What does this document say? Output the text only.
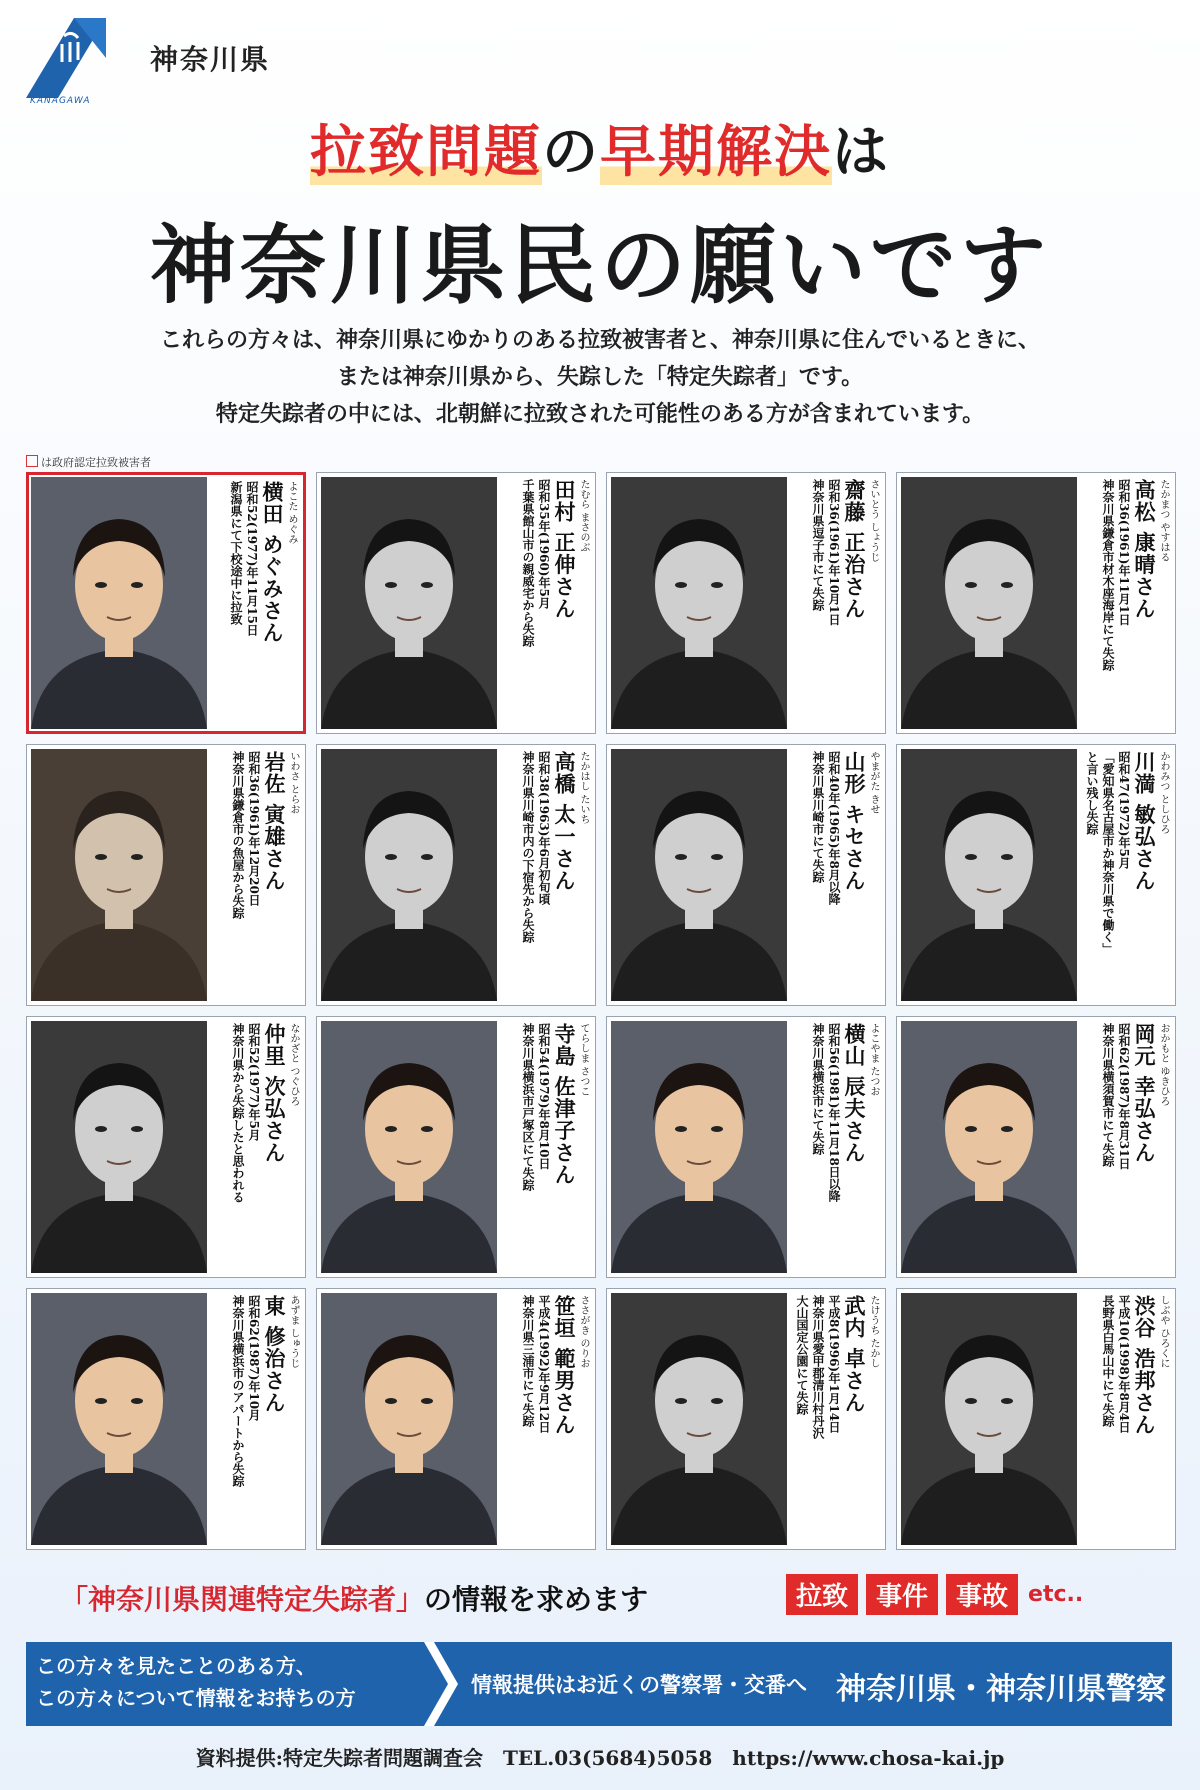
KANAGAWA
神奈川県
拉致問題の早期解決は
神奈川県民の願いです
これらの方々は、神奈川県にゆかりのある拉致被害者と、神奈川県に住んでいるときに、
または神奈川県から、失踪した「特定失踪者」です。
特定失踪者の中には、北朝鮮に拉致された可能性のある方が含まれています。
は政府認定拉致被害者
よこた めぐみ
横田 めぐみさん
昭和52(1977)年11月15日
新潟県にて下校途中に拉致	たむら まさのぶ
田村 正伸さん
昭和35年(1960)年5月
千葉県館山市の親威宅から失踪	さいとう しょうじ
齋藤 正治さん
昭和36(1961)年10月1日
神奈川県逗子市にて失踪	たかまつ やすはる
高松 康晴さん
昭和36(1961)年11月1日
神奈川県鎌倉市材木座海岸にて失踪
いわさ とらお
岩佐 寅雄さん
昭和36(1961)年12月20日
神奈川県鎌倉市の魚屋から失踪	たかはし たいち
高橋 太一さん
昭和38(1963)年6月初旬頃
神奈川県川崎市内の下宿先から失踪	やまがた きせ
山形 キセさん
昭和40年(1965)年8月以降
神奈川県川崎市にて失踪	かわみつ としひろ
川満 敏弘さん
昭和47(1972)年5月
「愛知県名古屋市か神奈川県で働く」
と言い残し失踪
なかざと つぐひろ
仲里 次弘さん
昭和52(1977)年5月
神奈川県から失踪したと思われる	てらしま さつこ
寺島 佐津子さん
昭和54(1979)年8月10日
神奈川県横浜市戸塚区にて失踪	よこやま たつお
横山 辰夫さん
昭和56(1981)年11月18日以降
神奈川県横浜市にて失踪	おかもと ゆきひろ
岡元 幸弘さん
昭和62(1987)年8月31日
神奈川県横須賀市にて失踪
あずま しゅうじ
東 修治さん
昭和62(1987)年10月
神奈川県横浜市のアパートから失踪	ささがき のりお
笹垣 範男さん
平成4(1992)年9月12日
神奈川県三浦市にて失踪	たけうち たかし
武内 卓さん
平成8(1996)年1月14日
神奈川県愛甲郡清川村丹沢
大山国定公園にて失踪	しぶや ひろくに
渋谷 浩邦さん
平成10(1998)年8月4日
長野県白馬山中にて失踪
「神奈川県関連特定失踪者」の情報を求めます	拉致	事件	事故 etc..
この方々を見たことのある方、
この方々について情報をお持ちの方
情報提供はお近くの警察署・交番へ 神奈川県・神奈川県警察
資料提供:特定失踪者問題調査会　TEL.03(5684)5058　https://www.chosa-kai.jp
